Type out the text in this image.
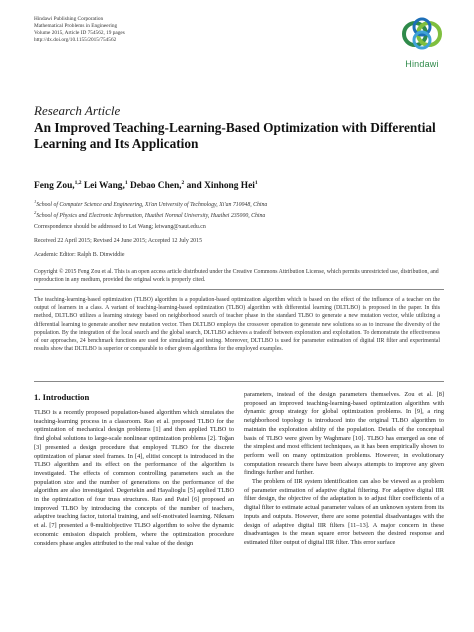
Hindawi Publishing Corporation
Mathematical Problems in Engineering
Volume 2015, Article ID 754562, 19 pages
http://dx.doi.org/10.1155/2015/754562
Hindawi
Research Article
An Improved Teaching-Learning-Based Optimization with Differential Learning and Its Application
Feng Zou,$^{1,2}$ Lei Wang,$^1$ Debao Chen,$^2$ and Xinhong Hei$^1$
$^1$School of Computer Science and Engineering, Xi'an University of Technology, Xi'an 710048, China
$^2$School of Physics and Electronic Information, Huaibei Normal University, Huaibei 235000, China
Correspondence should be addressed to Lei Wang; leiwang@xaut.edu.cn
Received 22 April 2015; Revised 24 June 2015; Accepted 12 July 2015
Academic Editor: Ralph B. Dinwiddie
Copyright © 2015 Feng Zou et al. This is an open access article distributed under the Creative Commons Attribution License, which permits unrestricted use, distribution, and reproduction in any medium, provided the original work is properly cited.
The teaching-learning-based optimization (TLBO) algorithm is a population-based optimization algorithm which is based on the effect of the influence of a teacher on the output of learners in a class. A variant of teaching-learning-based optimization (TLBO) algorithm with differential learning (DLTLBO) is proposed in the paper. In this method, DLTLBO utilizes a learning strategy based on neighborhood search of teacher phase in the standard TLBO to generate a new mutation vector, while utilizing a differential learning to generate another new mutation vector. Then DLTLBO employs the crossover operation to generate new solutions so as to increase the diversity of the population. By the integration of the local search and the global search, DLTLBO achieves a tradeoff between exploration and exploitation. To demonstrate the effectiveness of our approaches, 24 benchmark functions are used for simulating and testing. Moreover, DLTLBO is used for parameter estimation of digital IIR filter and experimental results show that DLTLBO is superior or comparable to other given algorithms for the employed examples.
1. Introduction

TLBO is a recently proposed population-based algorithm which simulates the teaching-learning process in a classroom. Rao et al. proposed TLBO for the optimization of mechanical design problems [1] and then applied TLBO to find global solutions to large-scale nonlinear optimization problems [2]. Toğan [3] presented a design procedure that employed TLBO for the discrete optimization of planar steel frames. In [4], elitist concept is introduced in the TLBO algorithm and its effect on the performance of the algorithm is investigated. The effects of common controlling parameters such as the population size and the number of generations on the performance of the algorithm are also investigated. Degertekin and Hayalioglu [5] applied TLBO in the optimization of four truss structures. Rao and Patel [6] proposed an improved TLBO by introducing the concepts of the number of teachers, adaptive teaching factor, tutorial training, and self-motivated learning. Niknam et al. [7] presented a θ-multiobjective TLBO algorithm to solve the dynamic economic emission dispatch problem, where the optimization procedure considers phase angles attributed to the real value of the design

parameters, instead of the design parameters themselves. Zou et al. [8] proposed an improved teaching-learning-based optimization algorithm with dynamic group strategy for global optimization problems. In [9], a ring neighborhood topology is introduced into the original TLBO algorithm to maintain the exploration ability of the population. Details of the conceptual basis of TLBO were given by Waghmare [10]. TLBO has emerged as one of the simplest and most efficient techniques, as it has been empirically shown to perform well on many optimization problems. However, in evolutionary computation research there have been always attempts to improve any given findings further and further.

The problem of IIR system identification can also be viewed as a problem of parameter estimation of adaptive digital filtering. For adaptive digital IIR filter design, the objective of the adaptation is to adjust filter coefficients of a digital filter to estimate actual parameter values of an unknown system from its inputs and outputs. However, there are some potential disadvantages with the design of adaptive digital IIR filters [11–13]. A major concern in these disadvantages is the mean square error between the desired response and estimated filter output of digital IIR filter. This error surface
